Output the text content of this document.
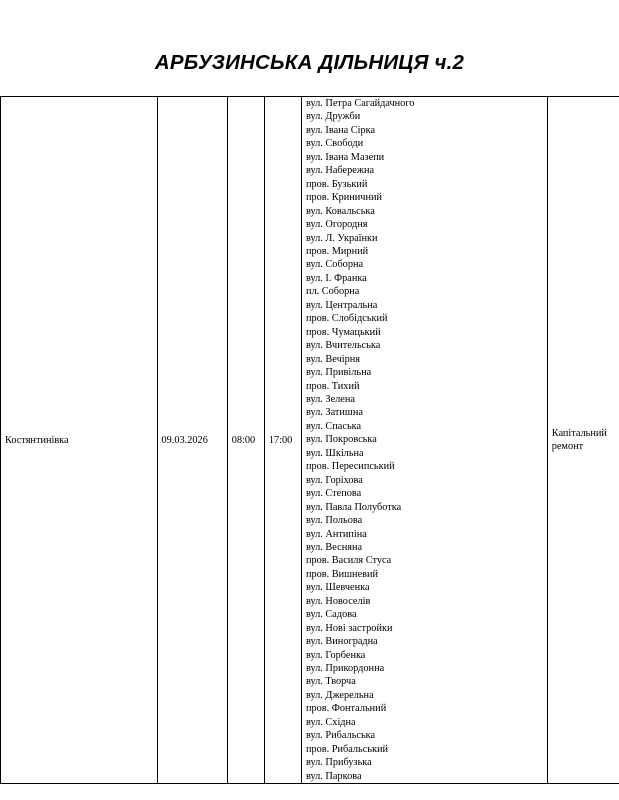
АРБУЗИНСЬКА ДІЛЬНИЦЯ ч.2
Костянтинівка	09.03.2026	08:00	17:00	
вул. Петра Сагайдачного
вул. Дружби
вул. Івана Сірка
вул. Свободи
вул. Івана Мазепи
вул. Набережна
пров. Бузький
пров. Криничний
вул. Ковальська
вул. Огородня
вул. Л. Українки
пров. Мирний
вул. Соборна
вул. І. Франка
пл. Соборна
вул. Центральна
пров. Слобідський
пров. Чумацький
вул. Вчительська
вул. Вечірня
вул. Привільна
пров. Тихий
вул. Зелена
вул. Затишна
вул. Спаська
вул. Покровська
вул. Шкільна
пров. Пересипський
вул. Горіхова
вул. Степова
вул. Павла Полуботка
вул. Польова
вул. Антипіна
вул. Весняна
пров. Василя Стуса
пров. Вишневий
вул. Шевченка
вул. Новоселів
вул. Садова
вул. Нові застройки
вул. Виноградна
вул. Горбенка
вул. Прикордонна
вул. Творча
вул. Джерельна
пров. Фонтальний
вул. Східна
вул. Рибальська
пров. Рибальський
вул. Прибузька
вул. Паркова

Капітальний ремонт
